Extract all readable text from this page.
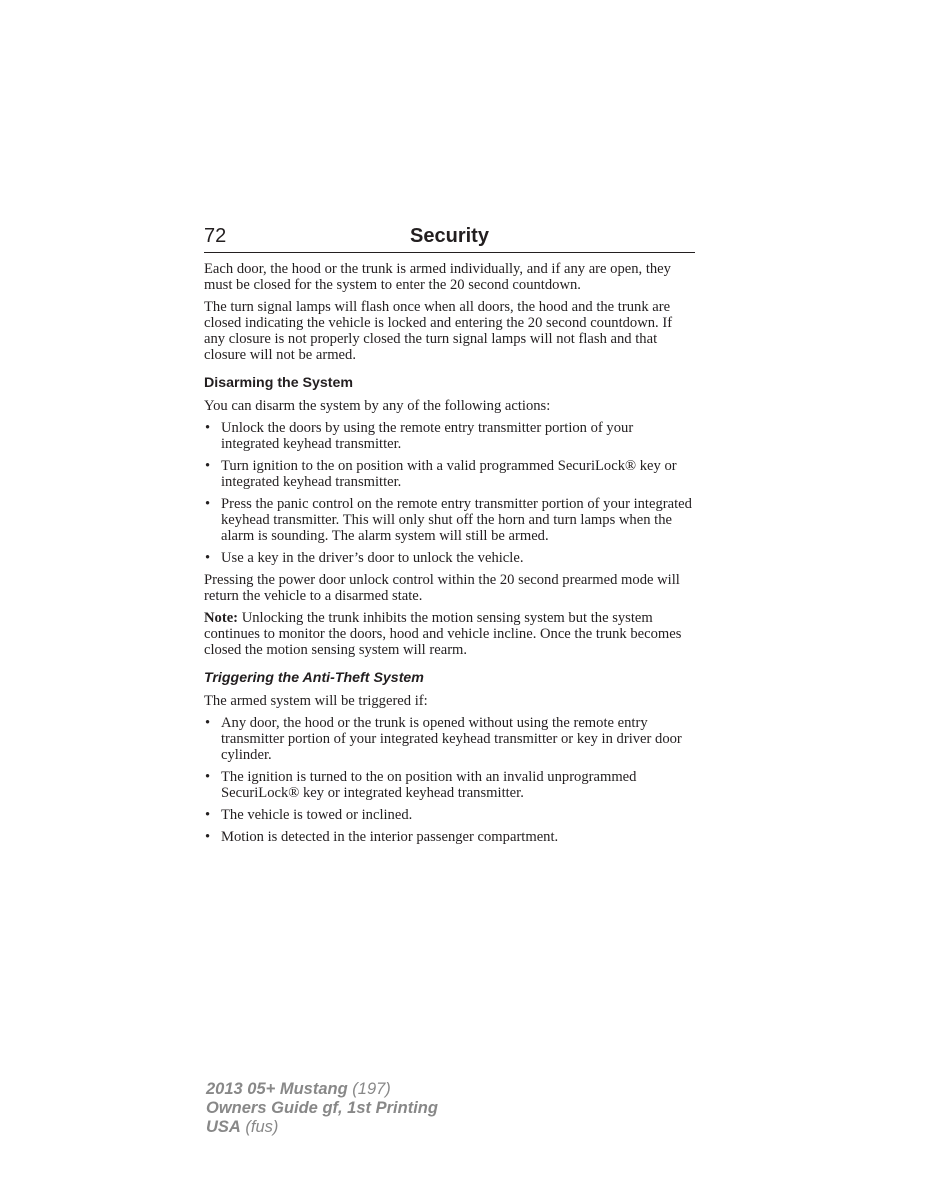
72	Security

Each door, the hood or the trunk is armed individually, and if any are open, they must be closed for the system to enter the 20 second countdown.

The turn signal lamps will flash once when all doors, the hood and the trunk are closed indicating the vehicle is locked and entering the 20 second countdown. If any closure is not properly closed the turn signal lamps will not flash and that closure will not be armed.

Disarming the System

You can disarm the system by any of the following actions:

• Unlock the doors by using the remote entry transmitter portion of your integrated keyhead transmitter.
• Turn ignition to the on position with a valid programmed SecuriLock® key or integrated keyhead transmitter.
• Press the panic control on the remote entry transmitter portion of your integrated keyhead transmitter. This will only shut off the horn and turn lamps when the alarm is sounding. The alarm system will still be armed.
• Use a key in the driver’s door to unlock the vehicle.

Pressing the power door unlock control within the 20 second prearmed mode will return the vehicle to a disarmed state.

Note: Unlocking the trunk inhibits the motion sensing system but the system continues to monitor the doors, hood and vehicle incline. Once the trunk becomes closed the motion sensing system will rearm.

Triggering the Anti-Theft System

The armed system will be triggered if:

• Any door, the hood or the trunk is opened without using the remote entry transmitter portion of your integrated keyhead transmitter or key in driver door cylinder.
• The ignition is turned to the on position with an invalid unprogrammed SecuriLock® key or integrated keyhead transmitter.
• The vehicle is towed or inclined.
• Motion is detected in the interior passenger compartment.
2013 05+ Mustang (197)
Owners Guide gf, 1st Printing
USA (fus)
